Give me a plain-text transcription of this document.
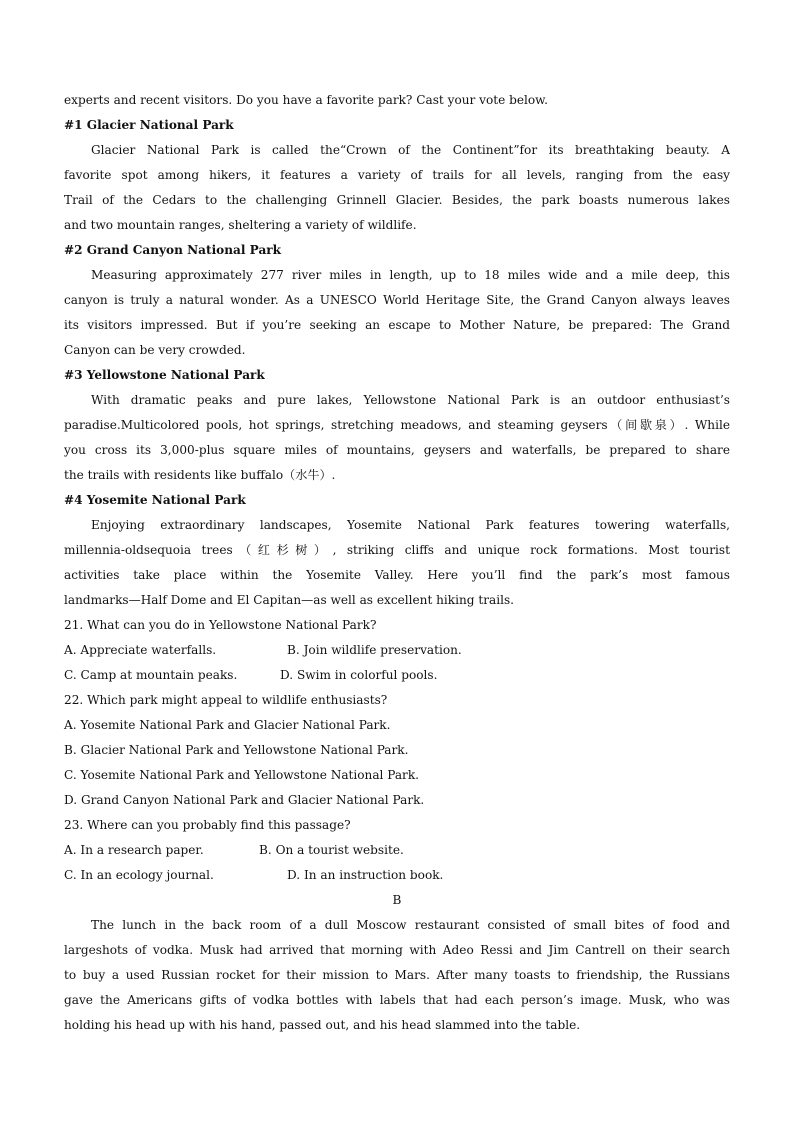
experts and recent visitors. Do you have a favorite park? Cast your vote below.

#1 Glacier National Park

Glacier National Park is called the“Crown of the Continent”for its breathtaking beauty. A

favorite spot among hikers, it features a variety of trails for all levels, ranging from the easy

Trail of the Cedars to the challenging Grinnell Glacier. Besides, the park boasts numerous lakes

and two mountain ranges, sheltering a variety of wildlife.

#2 Grand Canyon National Park

Measuring approximately 277 river miles in length, up to 18 miles wide and a mile deep, this

canyon is truly a natural wonder. As a UNESCO World Heritage Site, the Grand Canyon always leaves

its visitors impressed. But if you’re seeking an escape to Mother Nature, be prepared: The Grand

Canyon can be very crowded.

#3 Yellowstone National Park

With dramatic peaks and pure lakes, Yellowstone National Park is an outdoor enthusiast’s

paradise.Multicolored pools, hot springs, stretching meadows, and steaming geysers（间歇泉）. While

you cross its 3,000-plus square miles of mountains, geysers and waterfalls, be prepared to share

the trails with residents like buffalo（水牛）.

#4 Yosemite National Park

Enjoying extraordinary landscapes, Yosemite National Park features towering waterfalls,

millennia-oldsequoia trees（红杉树）, striking cliffs and unique rock formations. Most tourist

activities take place within the Yosemite Valley. Here you’ll find the park’s most famous

landmarks—Half Dome and El Capitan—as well as excellent hiking trails.

21. What can you do in Yellowstone National Park?

A. Appreciate waterfalls.	B. Join wildlife preservation.

C. Camp at mountain peaks.	D. Swim in colorful pools.

22. Which park might appeal to wildlife enthusiasts?

A. Yosemite National Park and Glacier National Park.

B. Glacier National Park and Yellowstone National Park.

C. Yosemite National Park and Yellowstone National Park.

D. Grand Canyon National Park and Glacier National Park.

23. Where can you probably find this passage?

A. In a research paper.	B. On a tourist website.

C. In an ecology journal.	D. In an instruction book.

B

The lunch in the back room of a dull Moscow restaurant consisted of small bites of food and

largeshots of vodka. Musk had arrived that morning with Adeo Ressi and Jim Cantrell on their search

to buy a used Russian rocket for their mission to Mars. After many toasts to friendship, the Russians

gave the Americans gifts of vodka bottles with labels that had each person’s image. Musk, who was

holding his head up with his hand, passed out, and his head slammed into the table.
